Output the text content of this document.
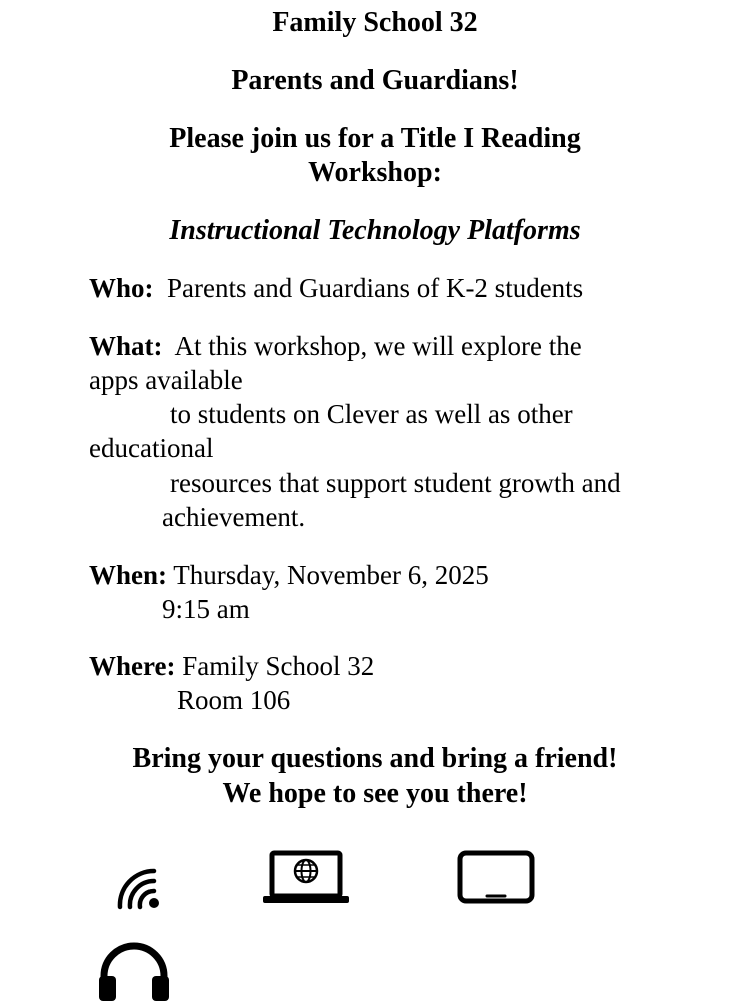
Family School 32

Parents and Guardians!

Please join us for a Title I Reading

Workshop:

Instructional Technology Platforms

Who: Parents and Guardians of K-2 students

What: At this workshop, we will explore the

apps available

to students on Clever as well as other

educational

resources that support student growth and

achievement.

When: Thursday, November 6, 2025

9:15 am

Where: Family School 32

Room 106

Bring your questions and bring a friend!

We hope to see you there!
